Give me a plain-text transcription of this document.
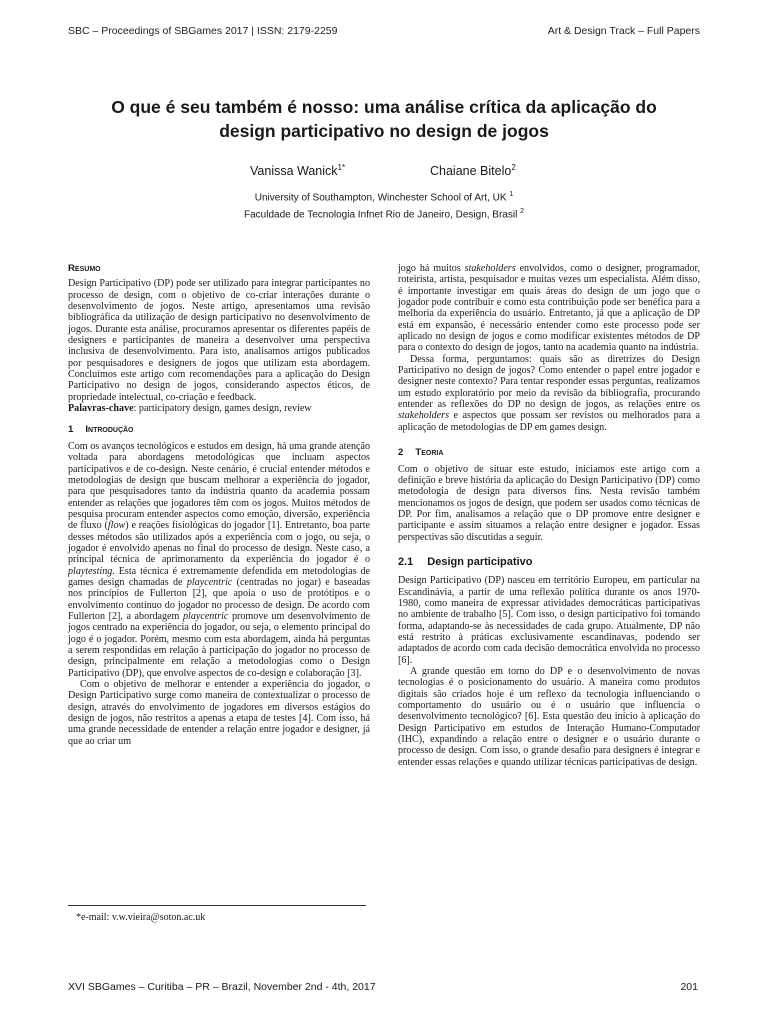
SBC – Proceedings of SBGames 2017 | ISSN: 2179-2259	Art & Design Track – Full Papers
O que é seu também é nosso: uma análise crítica da aplicação do
design participativo no design de jogos
Vanissa Wanick$^{1*}$	Chaiane Bitelo$^2$
University of Southampton, Winchester School of Art, UK $^1$
Faculdade de Tecnologia Infnet Rio de Janeiro, Design, Brasil $^2$

Resumo

Design Participativo (DP) pode ser utilizado para integrar participantes no processo de design, com o objetivo de co-criar interações durante o desenvolvimento de jogos. Neste artigo, apresentamos uma revisão bibliográfica da utilização de design participativo no desenvolvimento de jogos. Durante esta análise, procuramos apresentar os diferentes papéis de designers e participantes de maneira a desenvolver uma perspectiva inclusiva de desenvolvimento. Para isto, analisamos artigos publicados por pesquisadores e designers de jogos que utilizam esta abordagem. Concluímos este artigo com recomendações para a aplicação do Design Participativo no design de jogos, considerando aspectos éticos, de propriedade intelectual, co-criação e feedback.

Palavras-chave: participatory design, games design, review

1 Introdução

Com os avanços tecnológicos e estudos em design, há uma grande atenção voltada para abordagens metodológicas que incluam aspectos participativos e de co-design. Neste cenário, é crucial entender métodos e metodologias de design que buscam melhorar a experiência do jogador, para que pesquisadores tanto da indústria quanto da academia possam entender as relações que jogadores têm com os jogos. Muitos métodos de pesquisa procuram entender aspectos como emoção, diversão, experiência de fluxo (flow) e reações fisiológicas do jogador [1]. Entretanto, boa parte desses métodos são utilizados após a experiência com o jogo, ou seja, o jogador é envolvido apenas no final do processo de design. Neste caso, a principal técnica de aprimoramento da experiência do jogador é o playtesting. Esta técnica é extremamente defendida em metodologias de games design chamadas de playcentric (centradas no jogar) e baseadas nos princípios de Fullerton [2], que apoia o uso de protótipos e o envolvimento contínuo do jogador no processo de design. De acordo com Fullerton [2], a abordagem playcentric promove um desenvolvimento de jogos centrado na experiência do jogador, ou seja, o elemento principal do jogo é o jogador. Porém, mesmo com esta abordagem, ainda há perguntas a serem respondidas em relação à participação do jogador no processo de design, principalmente em relação a metodologias como o Design Participativo (DP), que envolve aspectos de co-design e colaboração [3].

Com o objetivo de melhorar e entender a experiência do jogador, o Design Participativo surge como maneira de contextualizar o processo de design, através do envolvimento de jogadores em diversos estágios do design de jogos, não restritos a apenas a etapa de testes [4]. Com isso, há uma grande necessidade de entender a relação entre jogador e designer, já que ao criar um

jogo há muitos stakeholders envolvidos, como o designer, programador, roteirista, artista, pesquisador e muitas vezes um especialista. Além disso, é importante investigar em quais áreas do design de um jogo que o jogador pode contribuir e como esta contribuição pode ser benéfica para a melhoria da experiência do usuário. Entretanto, já que a aplicação de DP está em expansão, é necessário entender como este processo pode ser aplicado no design de jogos e como modificar existentes métodos de DP para o contexto do design de jogos, tanto na academia quanto na indústria.

Dessa forma, perguntamos: quais são as diretrizes do Design Participativo no design de jogos? Como entender o papel entre jogador e designer neste contexto? Para tentar responder essas perguntas, realizamos um estudo exploratório por meio da revisão da bibliografia, procurando entender as reflexões do DP no design de jogos, as relações entre os stakeholders e aspectos que possam ser revistos ou melhorados para a aplicação de metodologias de DP em games design.

2 Teoria

Com o objetivo de situar este estudo, iniciamos este artigo com a definição e breve história da aplicação do Design Participativo (DP) como metodologia de design para diversos fins. Nesta revisão também mencionamos os jogos de design, que podem ser usados como técnicas de DP. Por fim, analisamos a relação que o DP promove entre designer e participante e assim situamos a relação entre designer e jogador. Essas perspectivas são discutidas a seguir.

2.1 Design participativo

Design Participativo (DP) nasceu em território Europeu, em particular na Escandinávia, a partir de uma reflexão política durante os anos 1970-1980, como maneira de expressar atividades democráticas participativas no ambiente de trabalho [5]. Com isso, o design participativo foi tomando forma, adaptando-se às necessidades de cada grupo. Atualmente, DP não está restrito à práticas exclusivamente escandinavas, podendo ser adaptados de acordo com cada decisão democrática envolvida no processo [6].

A grande questão em torno do DP e o desenvolvimento de novas tecnologias é o posicionamento do usuário. A maneira como produtos digitais são criados hoje é um reflexo da tecnologia influenciando o comportamento do usuário ou é o usuário que influencia o desenvolvimento tecnológico? [6]. Esta questão deu início à aplicação do Design Participativo em estudos de Interação Humano-Computador (IHC), expandindo a relação entre o designer e o usuário durante o processo de design. Com isso, o grande desafio para designers é integrar e entender essas relações e quando utilizar técnicas participativas de design.

*e-mail: v.w.vieira@soton.ac.uk
XVI SBGames – Curitiba – PR – Brazil, November 2nd - 4th, 2017	201
